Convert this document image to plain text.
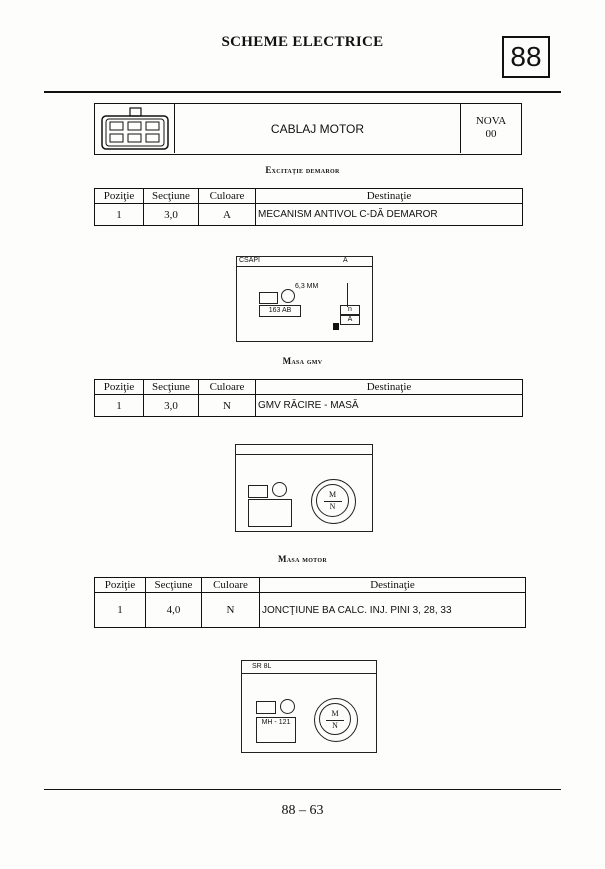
SCHEME ELECTRICE	88
CABLAJ MOTOR
NOVA
00
Excitaţie demaror
Poziţie	Secţiune	Culoare	Destinaţie
1	3,0	A	MECANISM ANTIVOL C-DĂ DEMAROR
CSAPI	A
6,3 MM
163 AB	n
A
Masa gmv
Poziţie	Secţiune	Culoare	Destinaţie
1	3,0	N	GMV RĂCIRE - MASĂ
M
N
Masa motor
Poziţie	Secţiune	Culoare	Destinaţie
1	4,0	N	JONCŢIUNE BA CALC. INJ. PINI 3, 28, 33
SR 8L
MH - 121
M
N
88 – 63
